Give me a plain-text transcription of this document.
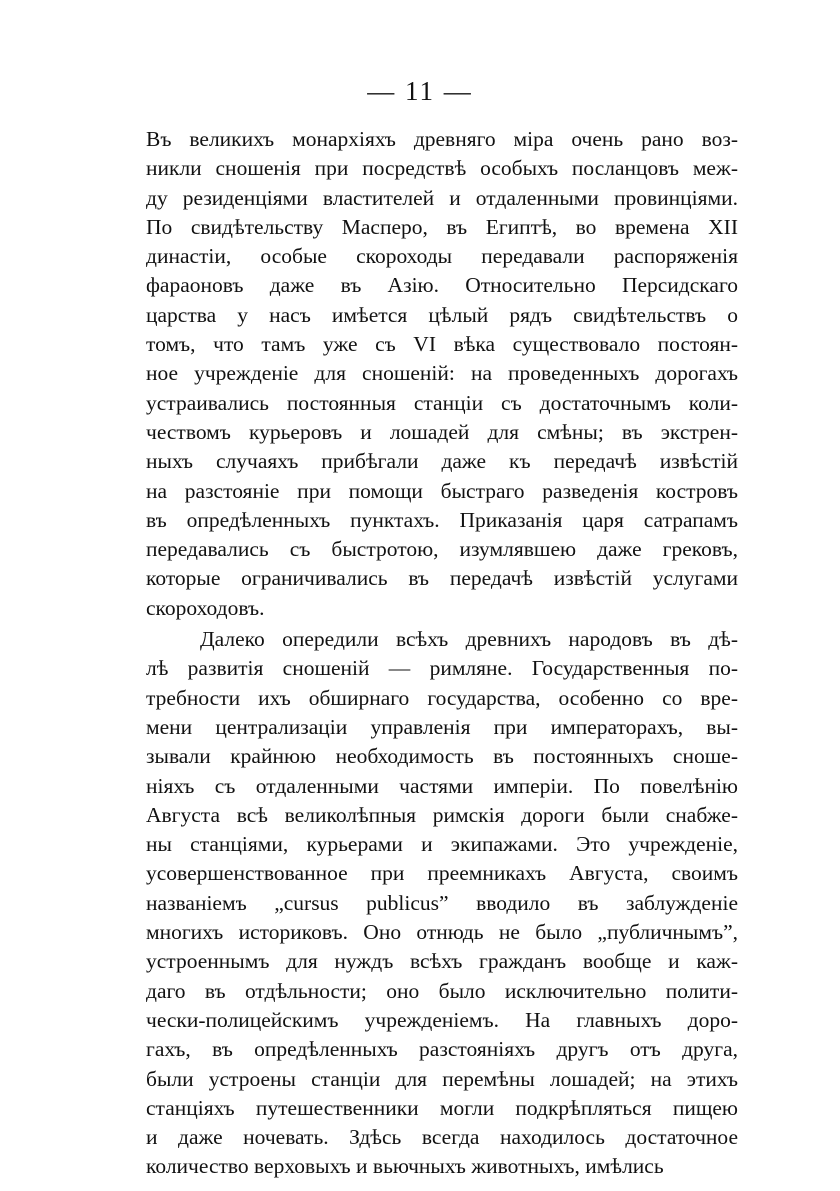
— 11 —
Въ великихъ монархіяхъ древняго міра очень рано воз-
никли сношенія при посредствѣ особыхъ посланцовъ меж-
ду резиденціями властителей и отдаленными провинціями.
По свидѣтельству Масперо, въ Египтѣ, во времена XII
династіи, особые скороходы передавали распоряженія
фараоновъ даже въ Азію. Относительно Персидскаго
царства у насъ имѣется цѣлый рядъ свидѣтельствъ о
томъ, что тамъ уже съ VI вѣка существовало постоян-
ное учрежденіе для сношеній: на проведенныхъ дорогахъ
устраивались постоянныя станціи съ достаточнымъ коли-
чествомъ курьеровъ и лошадей для смѣны; въ экстрен-
ныхъ случаяхъ прибѣгали даже къ передачѣ извѣстій
на разстояніе при помощи быстраго разведенія костровъ
въ опредѣленныхъ пунктахъ. Приказанія царя сатрапамъ
передавались съ быстротою, изумлявшею даже грековъ,
которые ограничивались въ передачѣ извѣстій услугами
скороходовъ.
Далеко опередили всѣхъ древнихъ народовъ въ дѣ-
лѣ развитія сношеній — римляне. Государственныя по-
требности ихъ обширнаго государства, особенно со вре-
мени централизаціи управленія при императорахъ, вы-
зывали крайнюю необходимость въ постоянныхъ сноше-
ніяхъ съ отдаленными частями имперіи. По повелѣнію
Августа всѣ великолѣпныя римскія дороги были снабже-
ны станціями, курьерами и экипажами. Это учрежденіе,
усовершенствованное при преемникахъ Августа, своимъ
названіемъ „cursus publicus” вводило въ заблужденіе
многихъ историковъ. Оно отнюдь не было „публичнымъ”,
устроеннымъ для нуждъ всѣхъ гражданъ вообще и каж-
даго въ отдѣльности; оно было исключительно полити-
чески-полицейскимъ учрежденіемъ. На главныхъ доро-
гахъ, въ опредѣленныхъ разстояніяхъ другъ отъ друга,
были устроены станціи для перемѣны лошадей; на этихъ
станціяхъ путешественники могли подкрѣпляться пищею
и даже ночевать. Здѣсь всегда находилось достаточное
количество верховыхъ и вьючныхъ животныхъ, имѣлись
